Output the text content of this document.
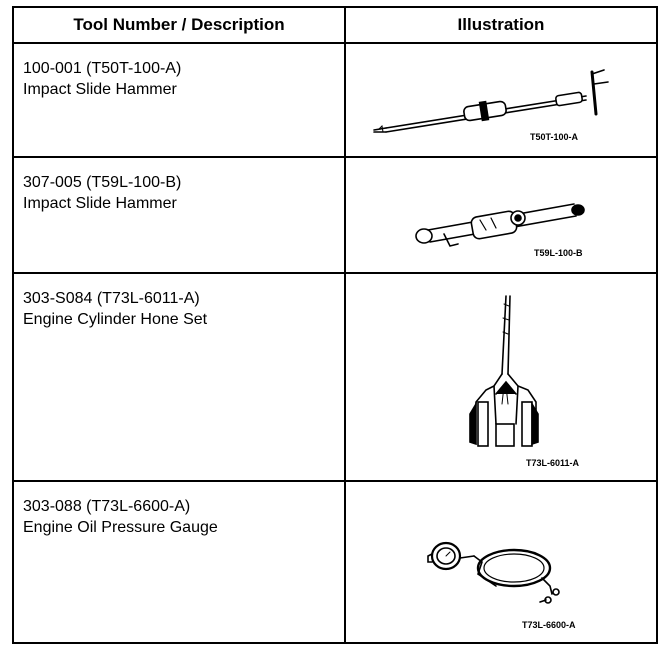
Tool Number / Description	Illustration
100-001 (T50T-100-A)
Impact Slide Hammer
T50T-100-A
307-005 (T59L-100-B)
Impact Slide Hammer
T59L-100-B
303-S084 (T73L-6011-A)
Engine Cylinder Hone Set
T73L-6011-A
303-088 (T73L-6600-A)
Engine Oil Pressure Gauge
T73L-6600-A
